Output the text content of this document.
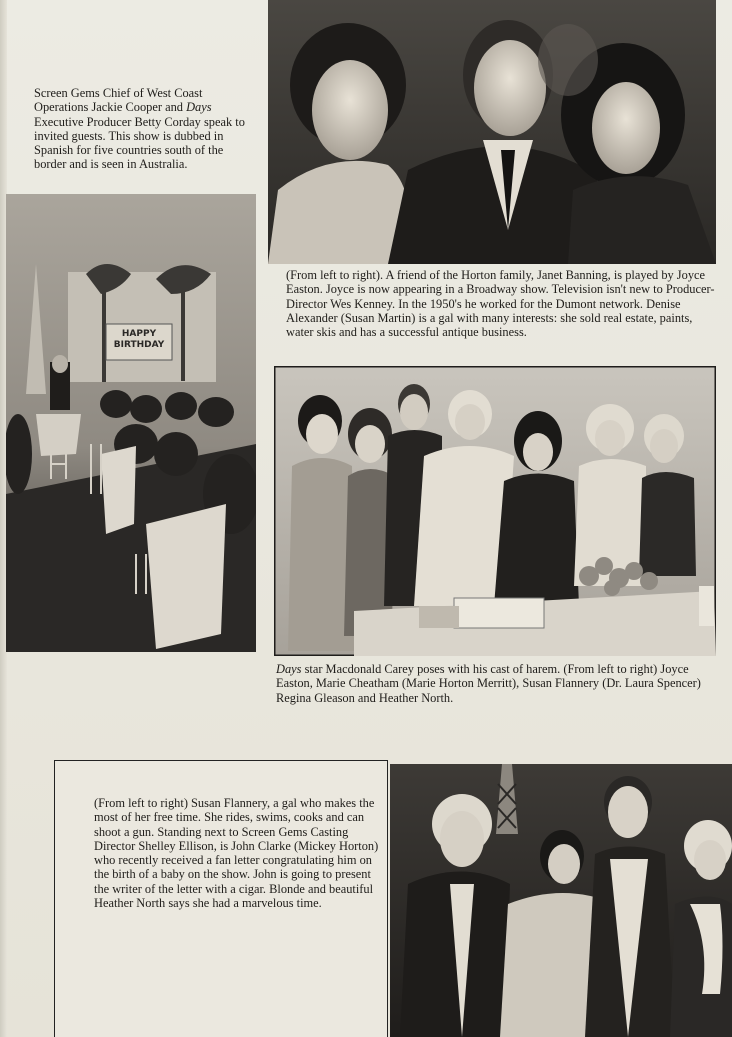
Screen Gems Chief of West Coast Operations Jackie Cooper and Days Executive Producer Betty Corday speak to invited guests. This show is dubbed in Spanish for five countries south of the border and is seen in Australia.

HAPPY
BIRTHDAY

(From left to right). A friend of the Horton family, Janet Banning, is played by Joyce Easton. Joyce is now appearing in a Broadway show. Television isn't new to Producer-Director Wes Kenney. In the 1950's he worked for the Dumont network. Denise Alexander (Susan Martin) is a gal with many interests: she sold real estate, paints, water skis and has a successful antique business.

Days star Macdonald Carey poses with his cast of harem. (From left to right) Joyce Easton, Marie Cheatham (Marie Horton Merritt), Susan Flannery (Dr. Laura Spencer) Regina Gleason and Heather North.

(From left to right) Susan Flannery, a gal who makes the most of her free time. She rides, swims, cooks and can shoot a gun. Standing next to Screen Gems Casting Director Shelley Ellison, is John Clarke (Mickey Horton) who recently received a fan letter congratulating him on the birth of a baby on the show. John is going to present the writer of the letter with a cigar. Blonde and beautiful Heather North says she had a marvelous time.
